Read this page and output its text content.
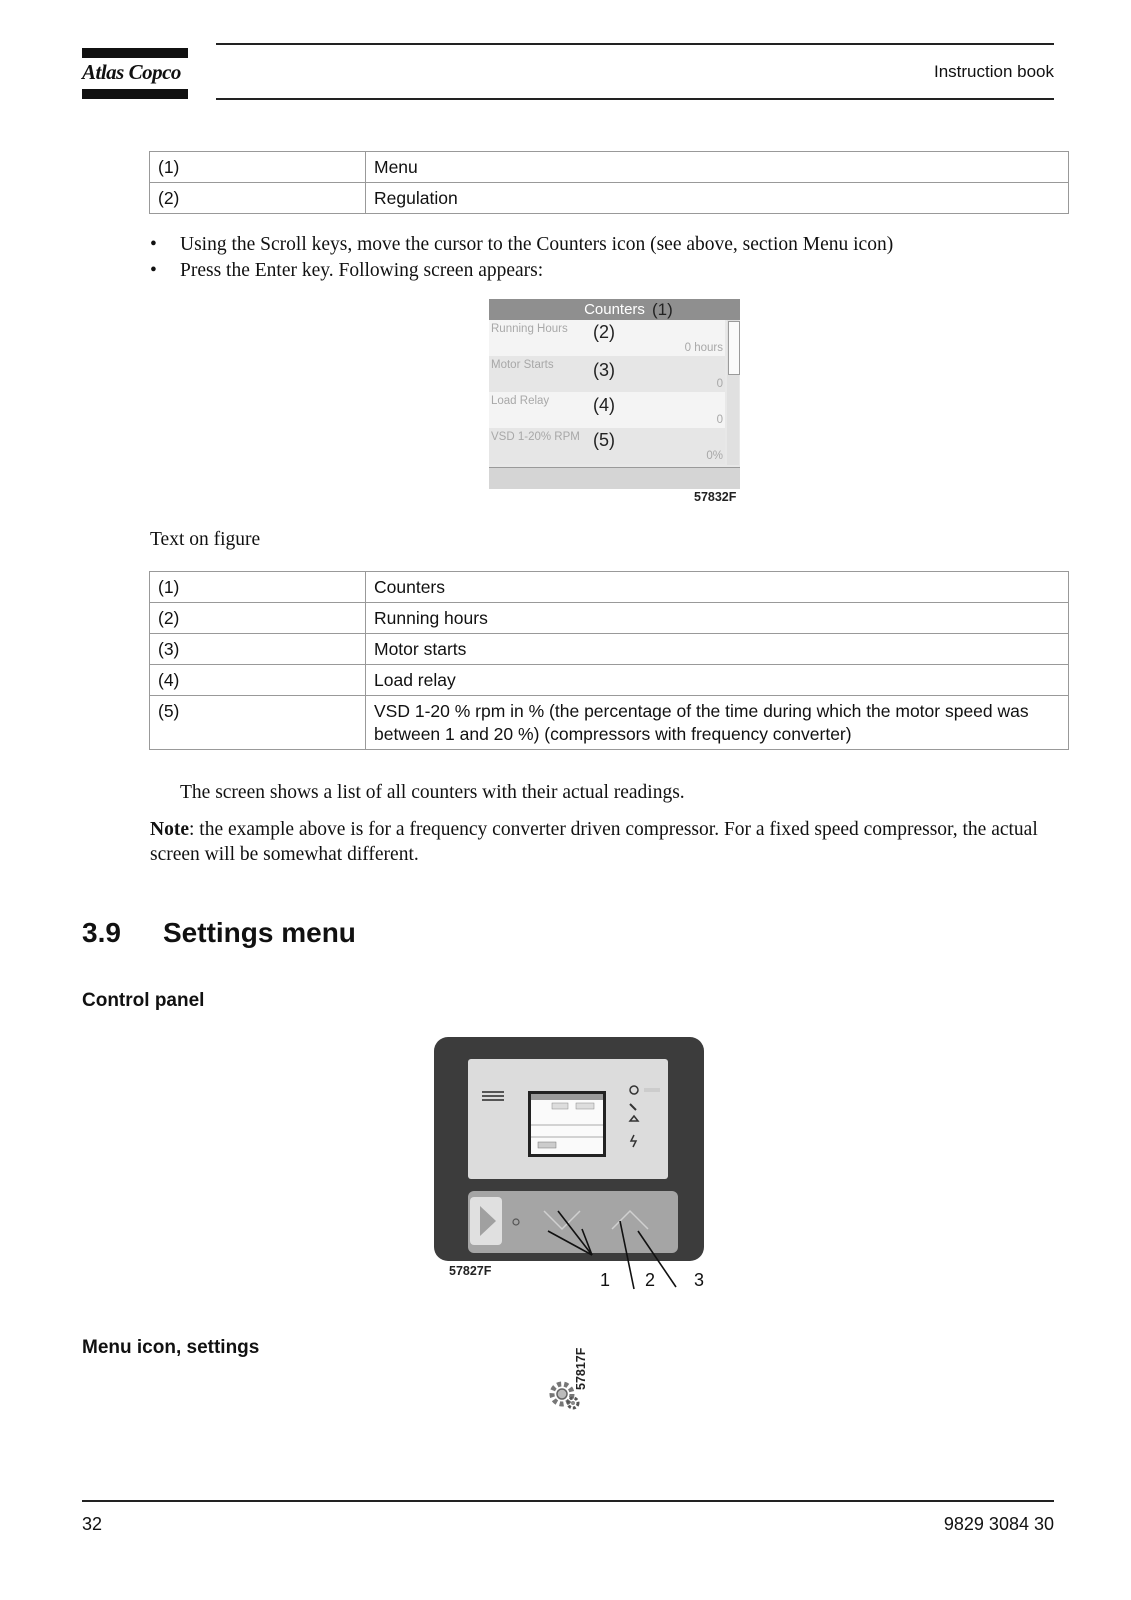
Atlas Copco	Instruction book
(1)	Menu
(2)	Regulation
• Using the Scroll keys, move the cursor to the Counters icon (see above, section Menu icon)
• Press the Enter key. Following screen appears:
Counters
Running Hours
0 hours
Motor Starts
0
Load Relay
0
VSD 1-20% RPM
0%
(1)
(2)
(3)
(4)
(5)
57832F
Text on figure
(1)	Counters
(2)	Running hours
(3)	Motor starts
(4)	Load relay
(5)	VSD 1-20 % rpm in % (the percentage of the time during which the motor speed was between 1 and 20 %) (compressors with frequency converter)
The screen shows a list of all counters with their actual readings.
Note: the example above is for a frequency converter driven compressor. For a fixed speed compressor, the actual screen will be somewhat different.
3.9 Settings menu
Control panel
57827F	1 2 3
Menu icon, settings
57817F
32	9829 3084 30
